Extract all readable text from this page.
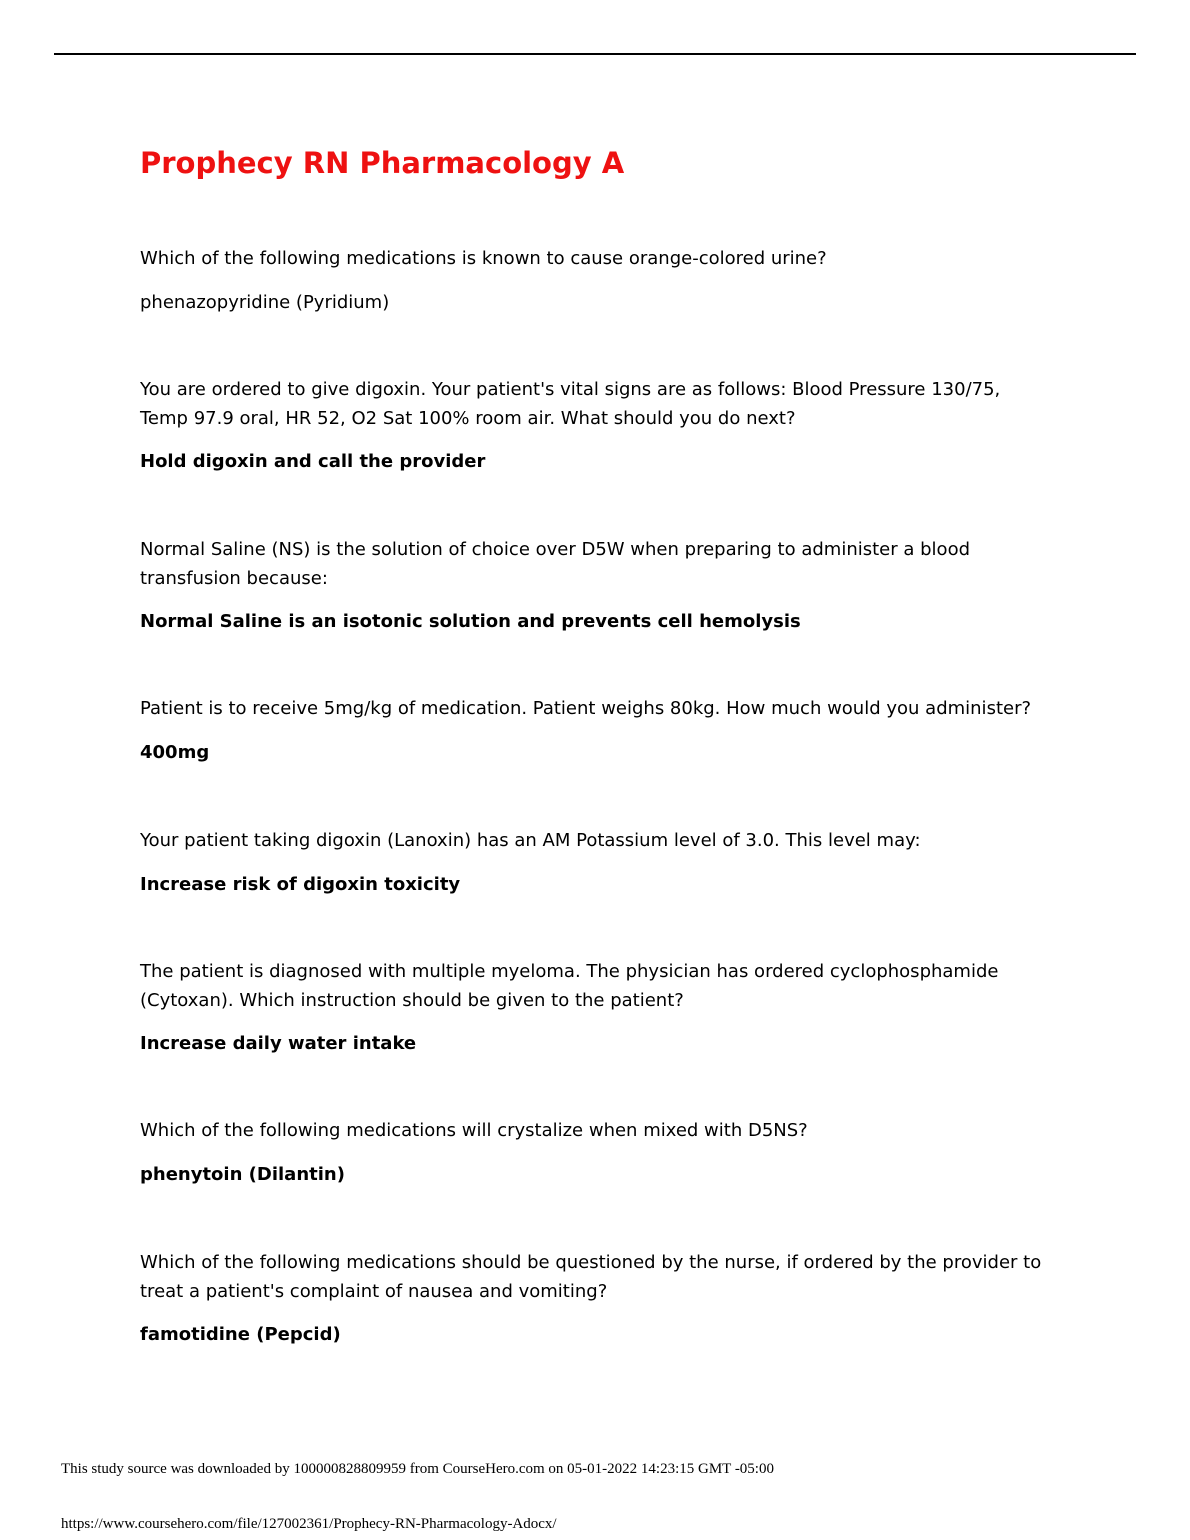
Prophecy RN Pharmacology A

Which of the following medications is known to cause orange-colored urine?

phenazopyridine (Pyridium)

You are ordered to give digoxin. Your patient's vital signs are as follows: Blood Pressure 130/75, Temp 97.9 oral, HR 52, O2 Sat 100% room air. What should you do next?

Hold digoxin and call the provider

Normal Saline (NS) is the solution of choice over D5W when preparing to administer a blood transfusion because:

Normal Saline is an isotonic solution and prevents cell hemolysis

Patient is to receive 5mg/kg of medication. Patient weighs 80kg. How much would you administer?

400mg

Your patient taking digoxin (Lanoxin) has an AM Potassium level of 3.0. This level may:

Increase risk of digoxin toxicity

The patient is diagnosed with multiple myeloma. The physician has ordered cyclophosphamide (Cytoxan). Which instruction should be given to the patient?

Increase daily water intake

Which of the following medications will crystalize when mixed with D5NS?

phenytoin (Dilantin)

Which of the following medications should be questioned by the nurse, if ordered by the provider to treat a patient's complaint of nausea and vomiting?

famotidine (Pepcid)

This study source was downloaded by 100000828809959 from CourseHero.com on 05-01-2022 14:23:15 GMT -05:00

https://www.coursehero.com/file/127002361/Prophecy-RN-Pharmacology-Adocx/
